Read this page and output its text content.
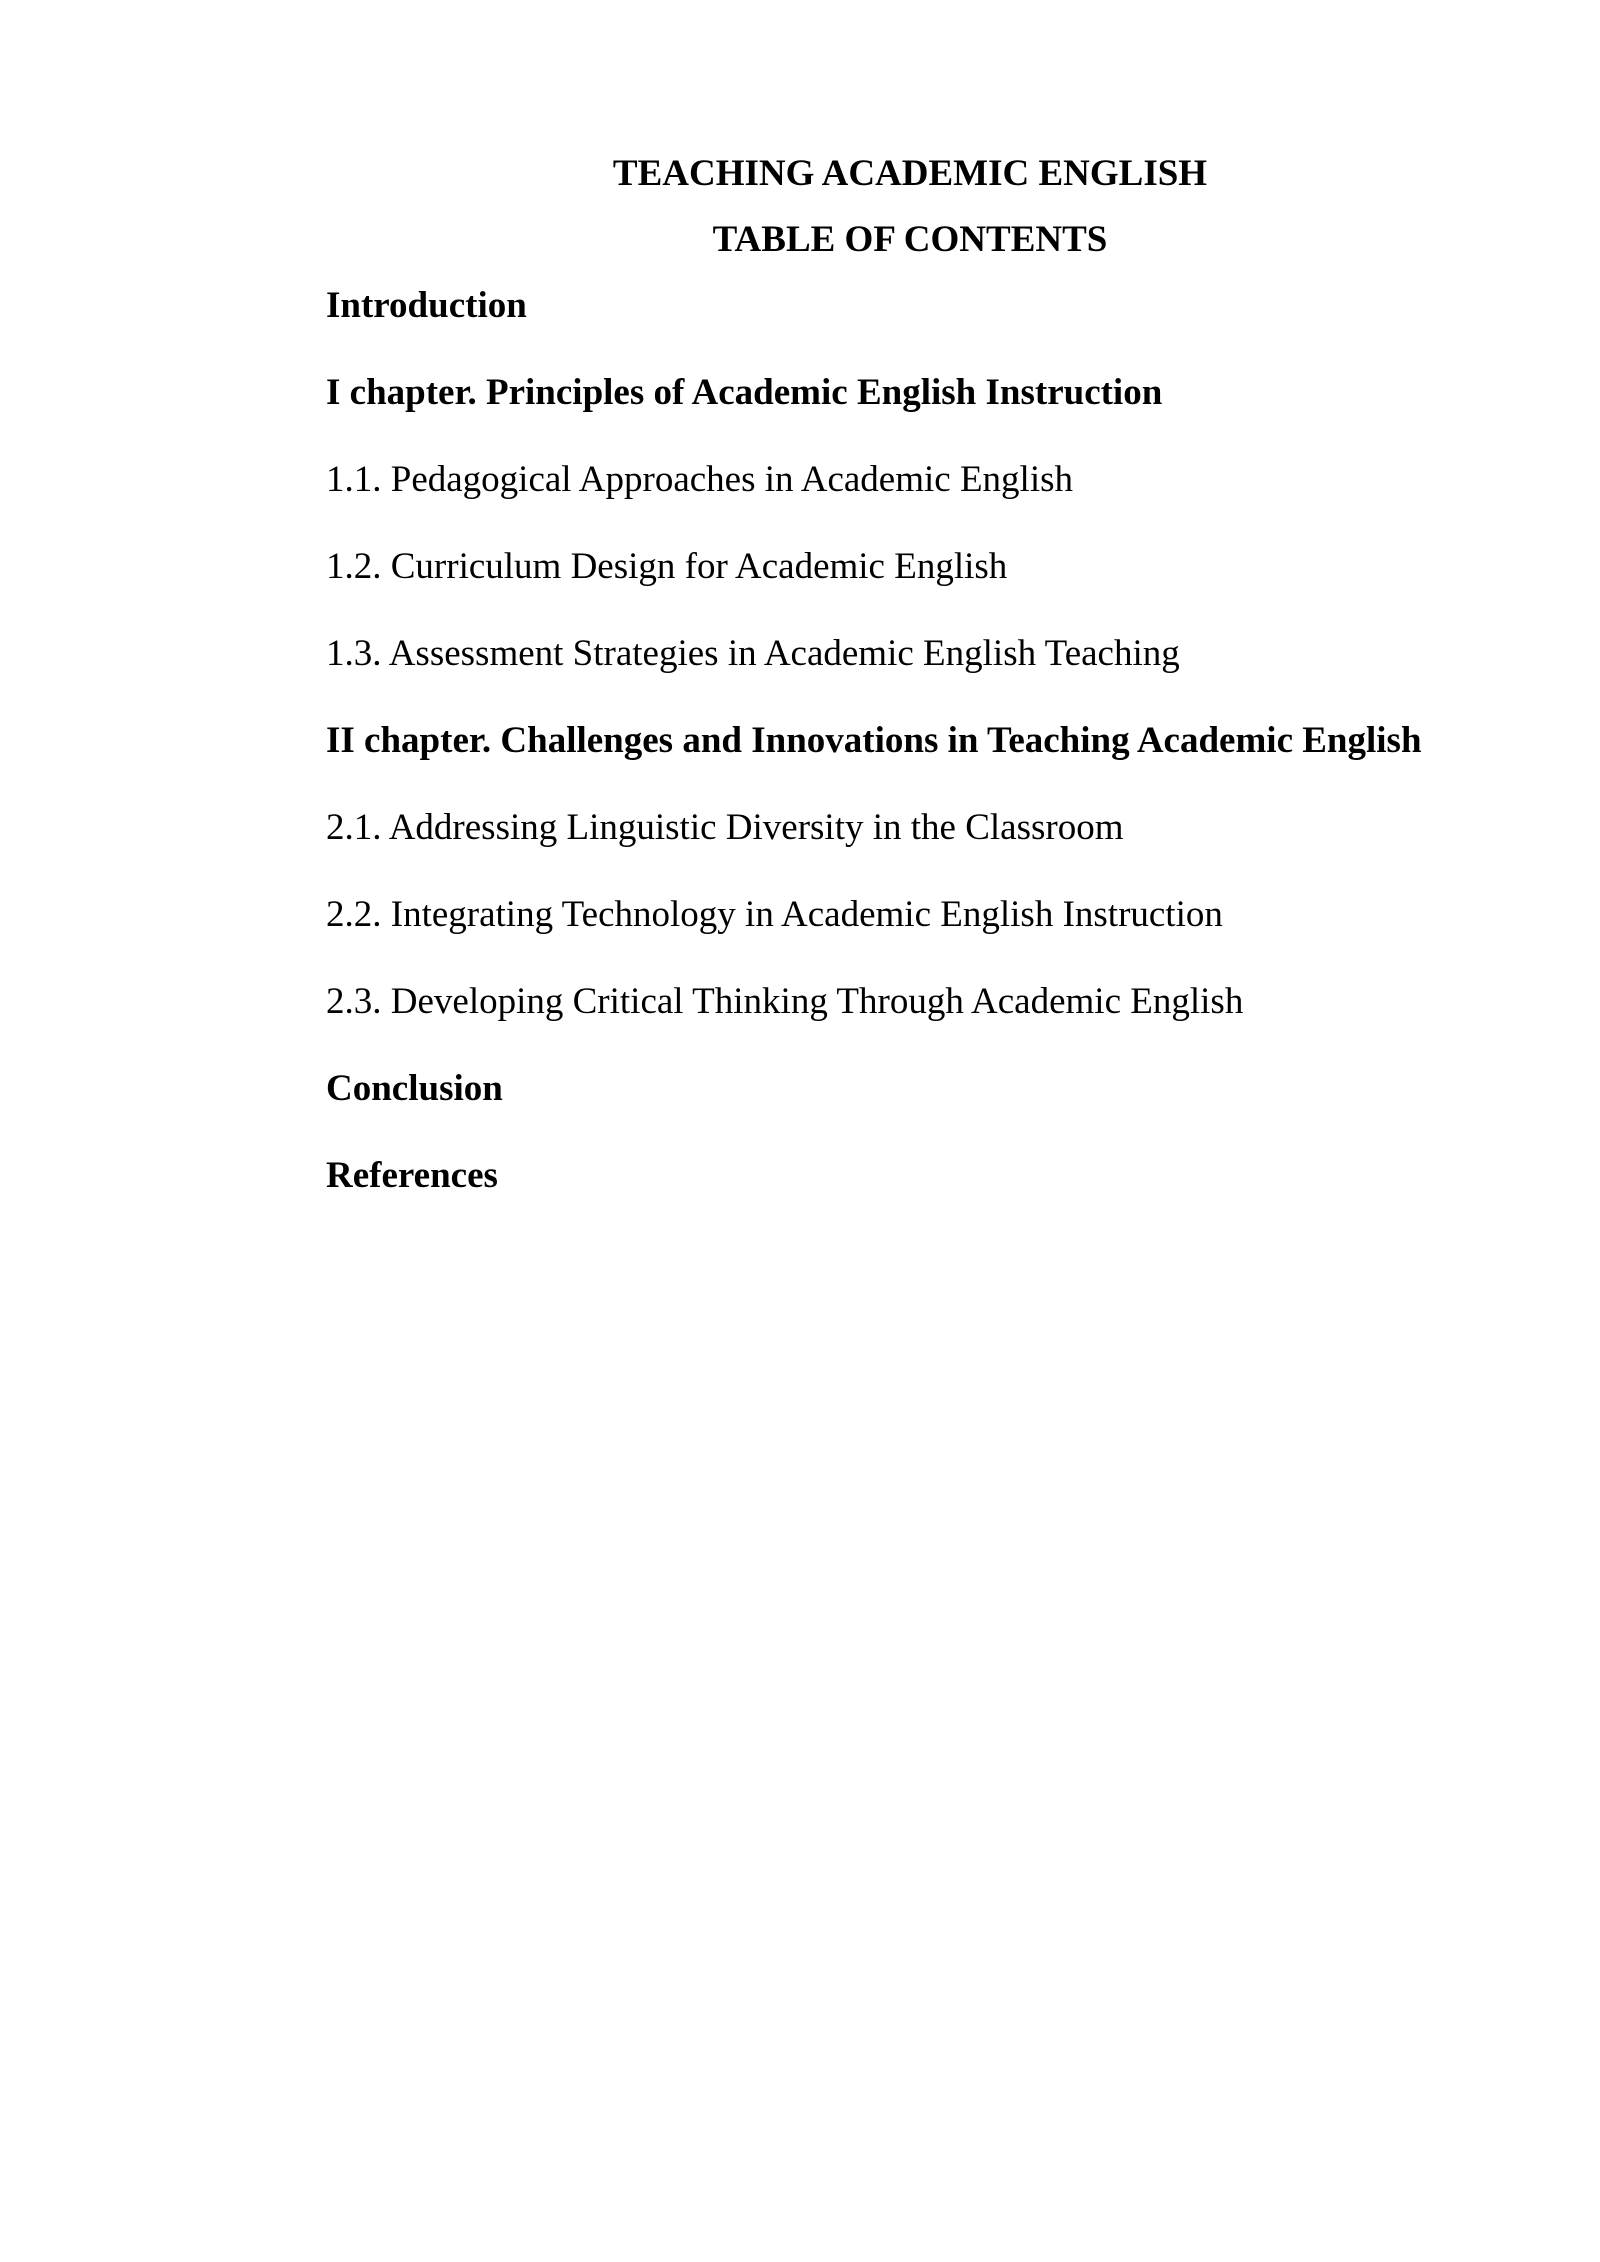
TEACHING ACADEMIC ENGLISH
TABLE OF CONTENTS
Introduction
I chapter. Principles of Academic English Instruction
1.1. Pedagogical Approaches in Academic English
1.2. Curriculum Design for Academic English
1.3. Assessment Strategies in Academic English Teaching
II chapter. Challenges and Innovations in Teaching Academic English
2.1. Addressing Linguistic Diversity in the Classroom
2.2. Integrating Technology in Academic English Instruction
2.3. Developing Critical Thinking Through Academic English
Conclusion
References
